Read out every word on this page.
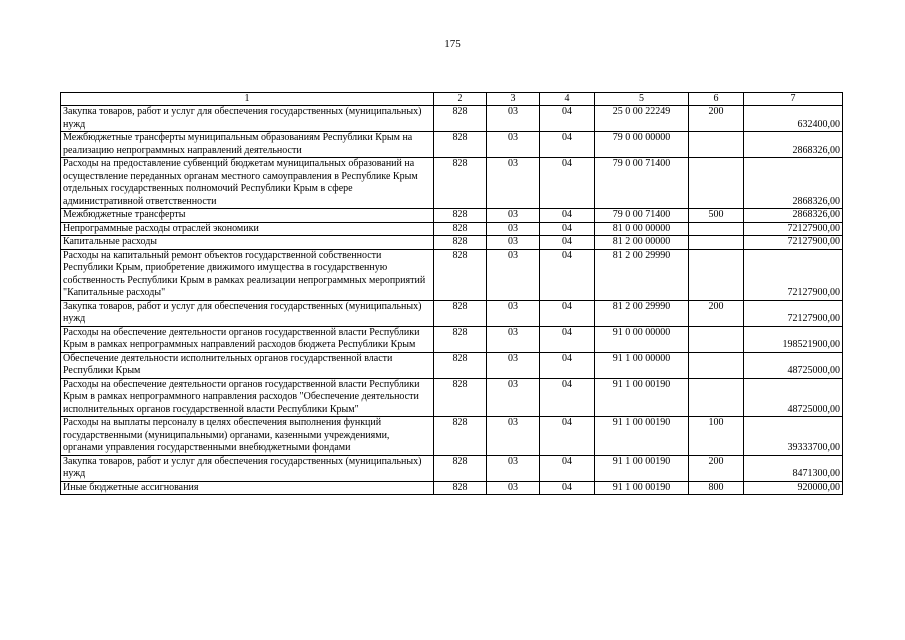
175
1	2	3	4	5	6	7
Закупка товаров, работ и услуг для обеспечения государственных (муниципальных) нужд	828	03	04	25 0 00 22249	200	632400,00
Межбюджетные трансферты муниципальным образованиям Республики Крым на реализацию непрограммных направлений деятельности	828	03	04	79 0 00 00000		2868326,00
Расходы на предоставление субвенций бюджетам муниципальных образований на осуществление переданных органам местного самоуправления в Республике Крым отдельных государственных полномочий Республики Крым в сфере административной ответственности	828	03	04	79 0 00 71400		2868326,00
Межбюджетные трансферты	828	03	04	79 0 00 71400	500	2868326,00
Непрограммные расходы отраслей экономики	828	03	04	81 0 00 00000		72127900,00
Капитальные расходы	828	03	04	81 2 00 00000		72127900,00
Расходы на капитальный ремонт объектов государственной собственности Республики Крым, приобретение движимого имущества в государственную собственность Республики Крым в рамках реализации непрограммных мероприятий "Капитальные расходы"	828	03	04	81 2 00 29990		72127900,00
Закупка товаров, работ и услуг для обеспечения государственных (муниципальных) нужд	828	03	04	81 2 00 29990	200	72127900,00
Расходы на обеспечение деятельности органов государственной власти Республики Крым в рамках непрограммных направлений расходов бюджета Республики Крым	828	03	04	91 0 00 00000		198521900,00
Обеспечение деятельности исполнительных органов государственной власти Республики Крым	828	03	04	91 1 00 00000		48725000,00
Расходы на обеспечение деятельности органов государственной власти Республики Крым в рамках непрограммного направления расходов "Обеспечение деятельности исполнительных органов государственной власти Республики Крым"	828	03	04	91 1 00 00190		48725000,00
Расходы на выплаты персоналу в целях обеспечения выполнения функций государственными (муниципальными) органами, казенными учреждениями, органами управления государственными внебюджетными фондами	828	03	04	91 1 00 00190	100	39333700,00
Закупка товаров, работ и услуг для обеспечения государственных (муниципальных) нужд	828	03	04	91 1 00 00190	200	8471300,00
Иные бюджетные ассигнования	828	03	04	91 1 00 00190	800	920000,00
